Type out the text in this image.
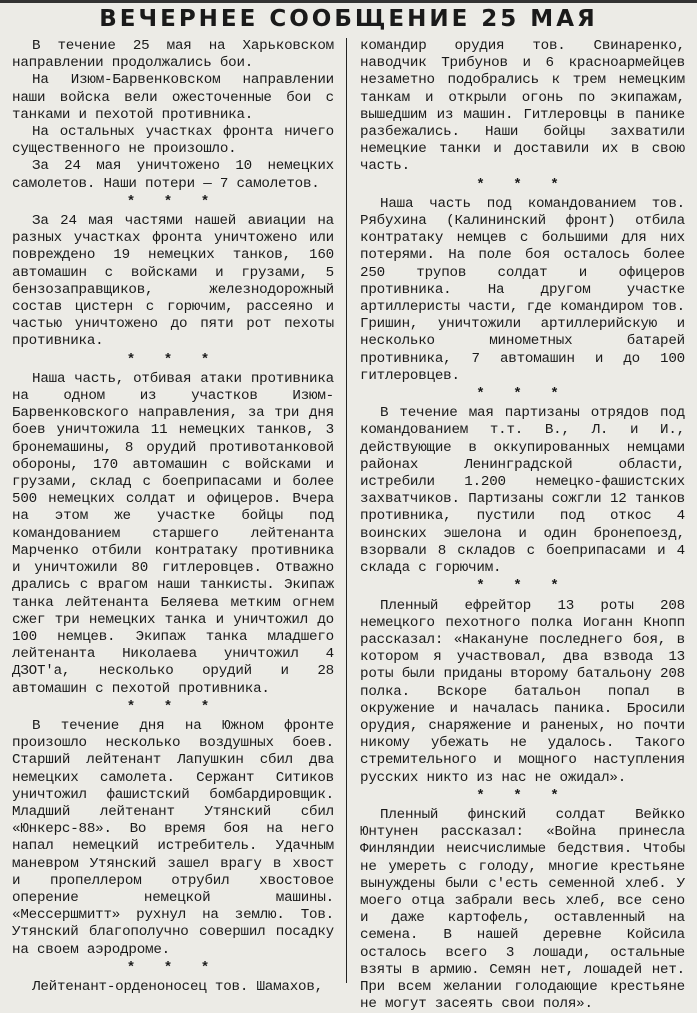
ВЕЧЕРНЕЕ СООБЩЕНИЕ 25 МАЯ

В течение 25 мая на Харьковском направлении продолжались бои.

На Изюм-Барвенковском направлении наши войска вели ожесточенные бои с танками и пехотой противника.

На остальных участках фронта ничего существенного не произошло.

За 24 мая уничтожено 10 немецких самолетов. Наши потери — 7 самолетов.

* * *

За 24 мая частями нашей авиации на разных участках фронта уничтожено или повреждено 19 немецких танков, 160 автомашин с войсками и грузами, 5 бензозаправщиков, железнодорожный состав цистерн с горючим, рассеяно и частью уничтожено до пяти рот пехоты противника.

* * *

Наша часть, отбивая атаки противника на одном из участков Изюм-Барвенковского направления, за три дня боев уничтожила 11 немецких танков, 3 бронемашины, 8 орудий противотанковой обороны, 170 автомашин с войсками и грузами, склад с боеприпасами и более 500 немецких солдат и офицеров. Вчера на этом же участке бойцы под командованием старшего лейтенанта Марченко отбили контратаку противника и уничтожили 80 гитлеровцев. Отважно дрались с врагом наши танкисты. Экипаж танка лейтенанта Беляева метким огнем сжег три немецких танка и уничтожил до 100 немцев. Экипаж танка младшего лейтенанта Николаева уничтожил 4 ДЗОТ'а, несколько орудий и 28 автомашин с пехотой противника.

* * *

В течение дня на Южном фронте произошло несколько воздушных боев. Старший лейтенант Лапушкин сбил два немецких самолета. Сержант Ситиков уничтожил фашистский бомбардировщик. Младший лейтенант Утянский сбил «Юнкерс-88». Во время боя на него напал немецкий истребитель. Удачным маневром Утянский зашел врагу в хвост и пропеллером отрубил хвостовое оперение немецкой машины. «Мессершмитт» рухнул на землю. Тов. Утянский благополучно совершил посадку на своем аэродроме.

* * *

Лейтенант-орденоносец тов. Шамахов,

командир орудия тов. Свинаренко, наводчик Трибунов и 6 красноармейцев незаметно подобрались к трем немецким танкам и открыли огонь по экипажам, вышедшим из машин. Гитлеровцы в панике разбежались. Наши бойцы захватили немецкие танки и доставили их в свою часть.

* * *

Наша часть под командованием тов. Рябухина (Калининский фронт) отбила контратаку немцев с большими для них потерями. На поле боя осталось более 250 трупов солдат и офицеров противника. На другом участке артиллеристы части, где командиром тов. Гришин, уничтожили артиллерийскую и несколько минометных батарей противника, 7 автомашин и до 100 гитлеровцев.

* * *

В течение мая партизаны отрядов под командованием т.т. В., Л. и И., действующие в оккупированных немцами районах Ленинградской области, истребили 1.200 немецко-фашистских захватчиков. Партизаны сожгли 12 танков противника, пустили под откос 4 воинских эшелона и один бронепоезд, взорвали 8 складов с боеприпасами и 4 склада с горючим.

* * *

Пленный ефрейтор 13 роты 208 немецкого пехотного полка Иоганн Кнопп рассказал: «Накануне последнего боя, в котором я участвовал, два взвода 13 роты были приданы второму батальону 208 полка. Вскоре батальон попал в окружение и началась паника. Бросили орудия, снаряжение и раненых, но почти никому убежать не удалось. Такого стремительного и мощного наступления русских никто из нас не ожидал».

* * *

Пленный финский солдат Вейкко Юнтунен рассказал: «Война принесла Финляндии неисчислимые бедствия. Чтобы не умереть с голоду, многие крестьяне вынуждены были с'есть семенной хлеб. У моего отца забрали весь хлеб, все сено и даже картофель, оставленный на семена. В нашей деревне Койсила осталось всего 3 лошади, остальные взяты в армию. Семян нет, лошадей нет. При всем желании голодающие крестьяне не могут засеять свои поля».
